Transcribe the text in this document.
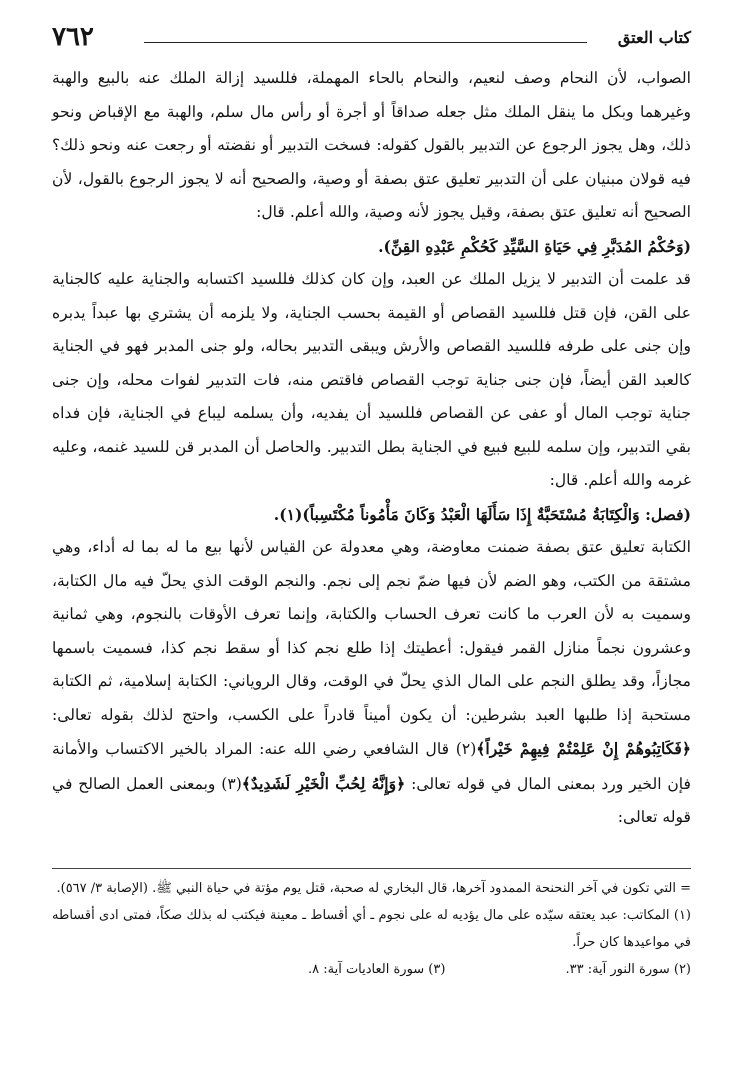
كتاب العتق
٧٦٢

الصواب، لأن النحام وصف لنعيم، والنحام بالحاء المهملة، فللسيد إزالة الملك عنه بالبيع والهبة وغيرهما وبكل ما ينقل الملك مثل جعله صداقاً أو أجرة أو رأس مال سلم، والهبة مع الإقباض ونحو ذلك، وهل يجوز الرجوع عن التدبير بالقول كقوله: فسخت التدبير أو نقضته أو رجعت عنه ونحو ذلك؟ فيه قولان مبنيان على أن التدبير تعليق عتق بصفة أو وصية، والصحيح أنه لا يجوز الرجوع بالقول، لأن الصحيح أنه تعليق عتق بصفة، وقيل يجوز لأنه وصية، والله أعلم. قال:

(وَحُكْمُ المُدَبَّرِ فِي حَيَاةِ السَّيِّدِ كَحُكْمِ عَبْدِهِ القِنِّ).

قد علمت أن التدبير لا يزيل الملك عن العبد، وإن كان كذلك فللسيد اكتسابه والجناية عليه كالجناية على القن، فإن قتل فللسيد القصاص أو القيمة بحسب الجناية، ولا يلزمه أن يشتري بها عبداً يدبره وإن جنى على طرفه فللسيد القصاص والأرش ويبقى التدبير بحاله، ولو جنى المدبر فهو في الجناية كالعبد القن أيضاً، فإن جنى جناية توجب القصاص فاقتص منه، فات التدبير لفوات محله، وإن جنى جناية توجب المال أو عفى عن القصاص فللسيد أن يفديه، وأن يسلمه ليباع في الجناية، فإن فداه بقي التدبير، وإن سلمه للبيع فبيع في الجناية بطل التدبير. والحاصل أن المدبر قن للسيد غنمه، وعليه غرمه والله أعلم. قال:

(فصل: وَالْكِتَابَةُ مُسْتَحَبَّةٌ إِذَا سَأَلَهَا الْعَبْدُ وَكَانَ مَأْمُوناً مُكْتَسِباً)(١).

الكتابة تعليق عتق بصفة ضمنت معاوضة، وهي معدولة عن القياس لأنها بيع ما له بما له أداء، وهي مشتقة من الكتب، وهو الضم لأن فيها ضمّ نجم إلى نجم. والنجم الوقت الذي يحلّ فيه مال الكتابة، وسميت به لأن العرب ما كانت تعرف الحساب والكتابة، وإنما تعرف الأوقات بالنجوم، وهي ثمانية وعشرون نجماً منازل القمر فيقول: أعطيتك إذا طلع نجم كذا أو سقط نجم كذا، فسميت باسمها مجازاً، وقد يطلق النجم على المال الذي يحلّ في الوقت، وقال الروياني: الكتابة إسلامية، ثم الكتابة مستحبة إذا طلبها العبد بشرطين: أن يكون أميناً قادراً على الكسب، واحتج لذلك بقوله تعالى: ﴿فَكَاتِبُوهُمْ إِنْ عَلِمْتُمْ فِيهِمْ خَيْراً﴾(٢) قال الشافعي رضي الله عنه: المراد بالخير الاكتساب والأمانة فإن الخير ورد بمعنى المال في قوله تعالى: ﴿وَإِنَّهُ لِحُبِّ الْخَيْرِ لَشَدِيدٌ﴾(٣) وبمعنى العمل الصالح في قوله تعالى:

= التي تكون في آخر النحنحة الممدود آخرها، قال البخاري له صحبة، قتل يوم مؤتة في حياة النبي ﷺ. (الإصابة ٣/ ٥٦٧).

(١) المكاتب: عبد يعتقه سيّده على مال يؤديه له على نجوم ـ أي أقساط ـ معينة فيكتب له بذلك صكاً، فمتى ادى أقساطه في مواعيدها كان حراً.

(٢) سورة النور آية: ٣٣.
(٣) سورة العاديات آية: ٨.
